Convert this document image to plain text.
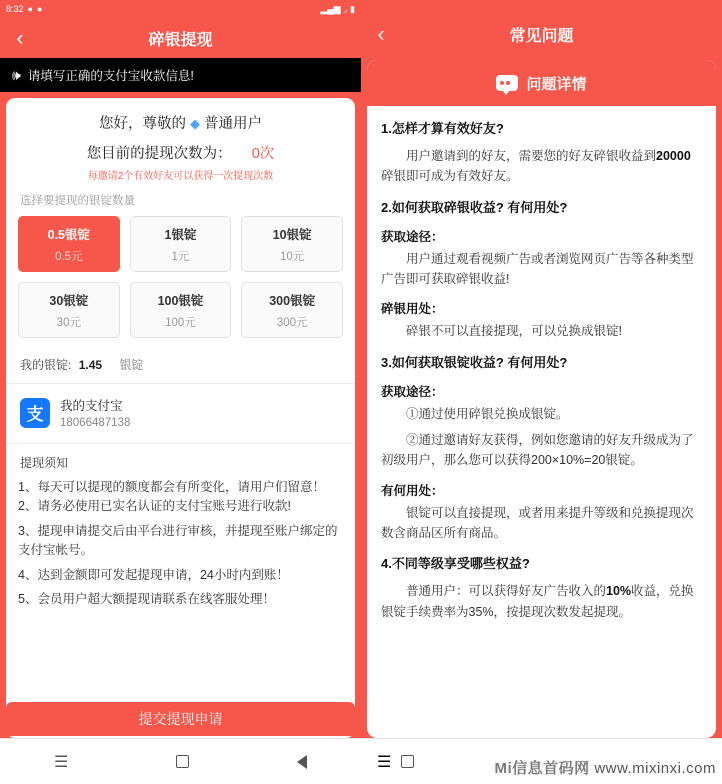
8:32 ● ●	▂▄▆ ◞ ▮
‹	碎银提现
🕪 请填写正确的支付宝收款信息!
您好，尊敬的 ◆ 普通用户
您目前的提现次数为： 0次
每邀请2个有效好友可以获得一次提现次数
选择要提现的银锭数量
0.5银锭
0.5元
1银锭
1元
10银锭
10元
30银锭
30元
100银锭
100元
300银锭
300元
我的银锭: 1.45 银锭
支	我的支付宝
18066487138
提现须知
1、每天可以提现的额度都会有所变化，请用户们留意！ 2、请务必使用已实名认证的支付宝账号进行收款!
3、提现申请提交后由平台进行审核，并提现至账户绑定的支付宝帐号。
4、达到金额即可发起提现申请，24小时内到账！
5、会员用户超大额提现请联系在线客服处理！
提交提现申请
‹	常见问题
问题详情
1.怎样才算有效好友?
用户邀请到的好友，需要您的好友碎银收益到20000碎银即可成为有效好友。
2.如何获取碎银收益? 有何用处?
获取途径：
用户通过观看视频广告或者浏览网页广告等各种类型广告即可获取碎银收益!
碎银用处：
碎银不可以直接提现，可以兑换成银锭!
3.如何获取银锭收益? 有何用处?
获取途径：
①通过使用碎银兑换成银锭。
②通过邀请好友获得，例如您邀请的好友升级成为了初级用户，那么您可以获得200×10%=20银锭。
有何用处：
银锭可以直接提现，或者用来提升等级和兑换提现次数含商品区所有商品。
4.不同等级享受哪些权益?
普通用户：可以获得好友广告收入的10%收益，兑换银锭手续费率为35%，按提现次数发起提现。
☰	☰	Mi信息首码网 www.mixinxi.com
